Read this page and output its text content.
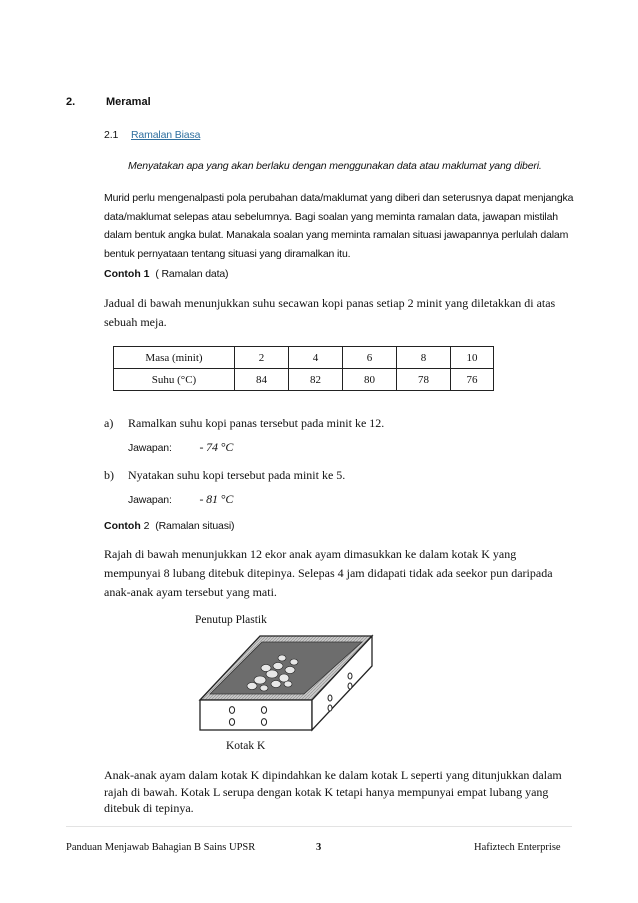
2.	Meramal
2.1 Ramalan Biasa
Menyatakan apa yang akan berlaku dengan menggunakan data atau maklumat yang diberi.
Murid perlu mengenalpasti pola perubahan data/maklumat yang diberi dan seterusnya dapat menjangka
data/maklumat selepas atau sebelumnya. Bagi soalan yang meminta ramalan data, jawapan mistilah
dalam bentuk angka bulat. Manakala soalan yang meminta ramalan situasi jawapannya perlulah dalam
bentuk pernyataan tentang situasi yang diramalkan itu.
Contoh 1 ( Ramalan data)
Jadual di bawah menunjukkan suhu secawan kopi panas setiap 2 minit yang diletakkan di atas
sebuah meja.
Masa (minit)	2	4	6	8	10
Suhu (°C)	84	82	80	78	76
a) Ramalkan suhu kopi panas tersebut pada minit ke 12.
Jawapan: - 74 °C
b) Nyatakan suhu kopi tersebut pada minit ke 5.
Jawapan: - 81 °C
Contoh 2 (Ramalan situasi)
Rajah di bawah menunjukkan 12 ekor anak ayam dimasukkan ke dalam kotak K yang
mempunyai 8 lubang ditebuk ditepinya. Selepas 4 jam didapati tidak ada seekor pun daripada
anak-anak ayam tersebut yang mati.
Penutup Plastik
Kotak K
Anak-anak ayam dalam kotak K dipindahkan ke dalam kotak L seperti yang ditunjukkan dalam
rajah di bawah. Kotak L serupa dengan kotak K tetapi hanya mempunyai empat lubang yang
ditebuk di tepinya.
Panduan Menjawab Bahagian B Sains UPSR	3	Hafiztech Enterprise
